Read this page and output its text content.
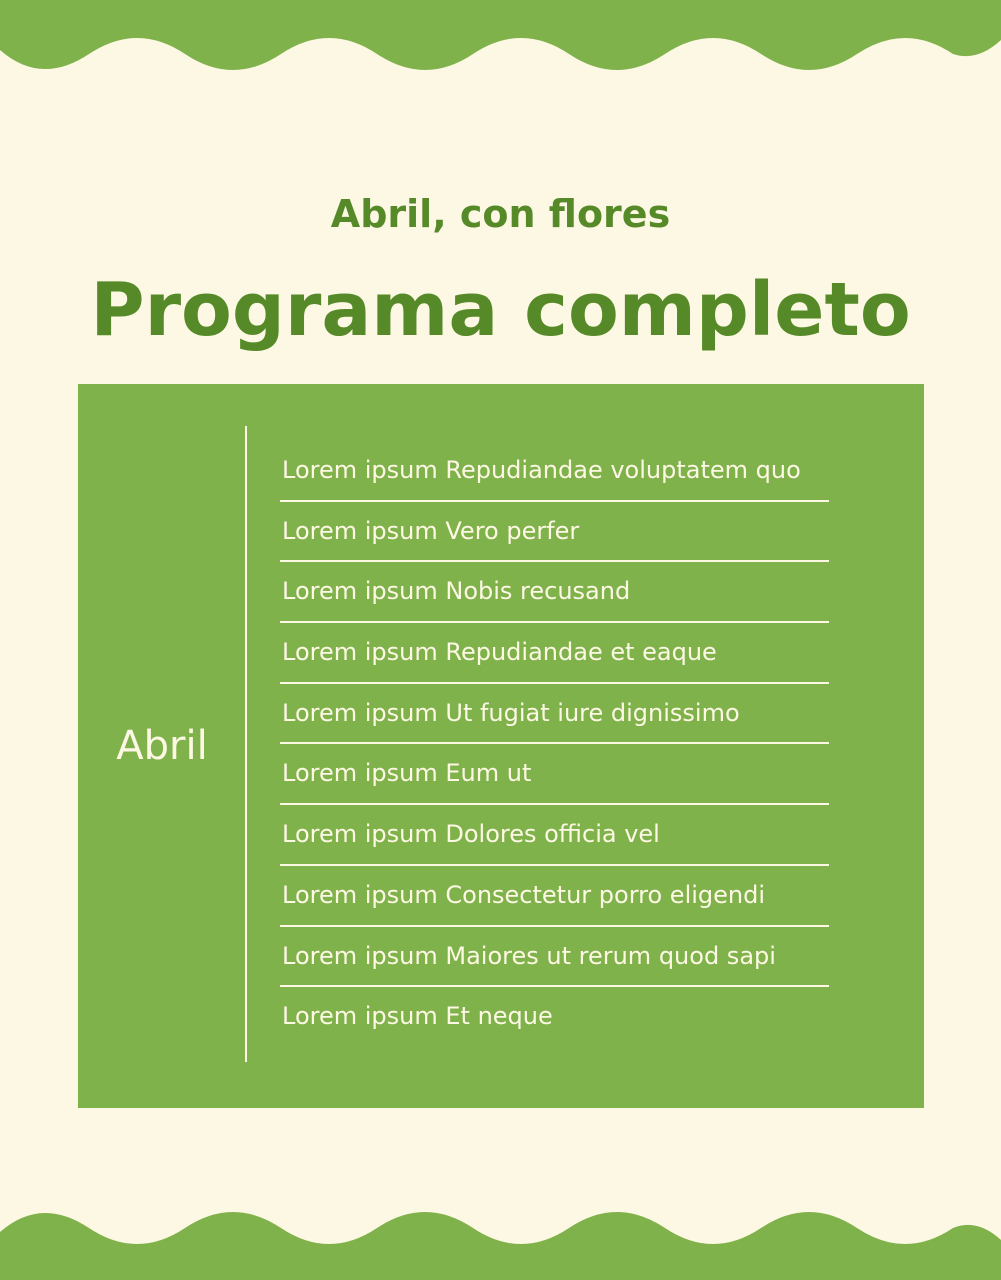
Abril, con flores
Programa completo
Abril
Lorem ipsum Repudiandae voluptatem quo
Lorem ipsum Vero perfer
Lorem ipsum Nobis recusand
Lorem ipsum Repudiandae et eaque
Lorem ipsum Ut fugiat iure dignissimo
Lorem ipsum Eum ut
Lorem ipsum Dolores officia vel
Lorem ipsum Consectetur porro eligendi
Lorem ipsum Maiores ut rerum quod sapi
Lorem ipsum Et neque
